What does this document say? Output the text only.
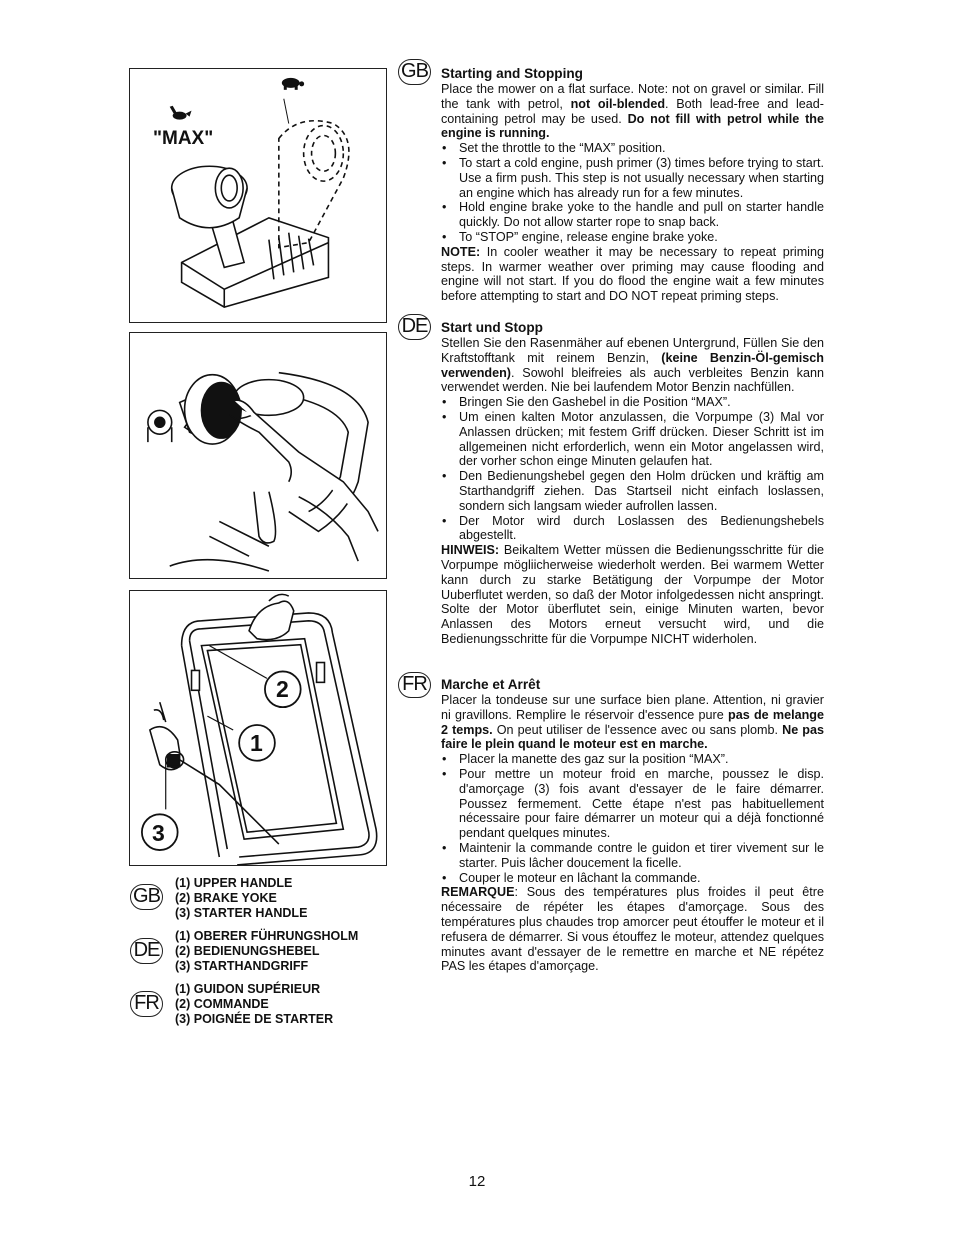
"MAX"
2
1
3
GB
(1) UPPER HANDLE
(2) BRAKE YOKE
(3) STARTER HANDLE
DE
(1) OBERER FÜHRUNGSHOLM
(2) BEDIENUNGSHEBEL
(3) STARTHANDGRIFF
FR
(1) GUIDON SUPÉRIEUR
(2) COMMANDE
(3) POIGNÉE DE STARTER
GB Starting and Stopping

Place the mower on a flat surface. Note: not on gravel or similar. Fill the tank with petrol, not oil-blended. Both lead-free and lead-containing petrol may be used. Do not fill with petrol while the engine is running.

• Set the throttle to the “MAX” position.
• To start a cold engine, push primer (3) times before trying to start. Use a firm push. This step is not usually necessary when starting an engine which has already run for a few minutes.
• Hold engine brake yoke to the handle and pull on starter handle quickly. Do not allow starter rope to snap back.
• To “STOP” engine, release engine brake yoke.

NOTE: In cooler weather it may be necessary to repeat priming steps. In warmer weather over priming may cause flooding and engine will not start. If you do flood the engine wait a few minutes before attempting to start and DO NOT repeat priming steps.

DE Start und Stopp

Stellen Sie den Rasenmäher auf ebenen Untergrund, Füllen Sie den Kraftstofftank mit reinem Benzin, (keine Benzin-Öl-gemisch verwenden). Sowohl bleifreies als auch verbleites Benzin kann verwendet werden. Nie bei laufendem Motor Benzin nachfüllen.

• Bringen Sie den Gashebel in die Position “MAX”.
• Um einen kalten Motor anzulassen, die Vorpumpe (3) Mal vor Anlassen drücken; mit festem Griff drücken. Dieser Schritt ist im allgemeinen nicht erforderlich, wenn ein Motor angelassen wird, der vorher schon einge Minuten gelaufen hat.
• Den Bedienungshebel gegen den Holm drücken und kräftig am Starthandgriff ziehen. Das Startseil nicht einfach loslassen, sondern sich langsam wieder aufrollen lassen.
• Der Motor wird durch Loslassen des Bedienungshebels abgestellt.

HINWEIS: Beikaltem Wetter müssen die Bedienungsschritte für die Vorpumpe mögliicherweise wiederholt werden. Bei warmem Wetter kann durch zu starke Betätigung der Vorpumpe der Motor Uuberflutet werden, so daß der Motor infolgedessen nicht anspringt. Solte der Motor überflutet sein, einige Minuten warten, bevor Anlassen des Motors erneut versucht wird, und die Bedienungsschritte für die Vorpumpe NICHT widerholen.

FR	Marche et Arrêt

Placer la tondeuse sur une surface bien plane. Attention, ni gravier ni gravillons. Remplire le réservoir d'essence pure pas de melange 2 temps. On peut utiliser de l'essence avec ou sans plomb. Ne pas faire le plein quand le moteur est en marche.

• Placer la manette des gaz sur la position “MAX”.
• Pour mettre un moteur froid en marche, poussez le disp. d'amorçage (3) fois avant d'essayer de le faire démarrer. Poussez fermement. Cette étape n'est pas habituellement nécessaire pour faire démarrer un moteur qui a déjà fonctionné pendant quelques minutes.
• Maintenir la commande contre le guidon et tirer vivement sur le starter. Puis lâcher doucement la ficelle.
• Couper le moteur en lâchant la commande.

REMARQUE: Sous des températures plus froides il peut être nécessaire de répéter les étapes d'amorçage. Sous des températures plus chaudes trop amorcer peut étouffer le moteur et il refusera de démarrer. Si vous étouffez le moteur, attendez quelques minutes avant d'essayer de le remettre en marche et NE répétez PAS les étapes d'amorçage.

12
